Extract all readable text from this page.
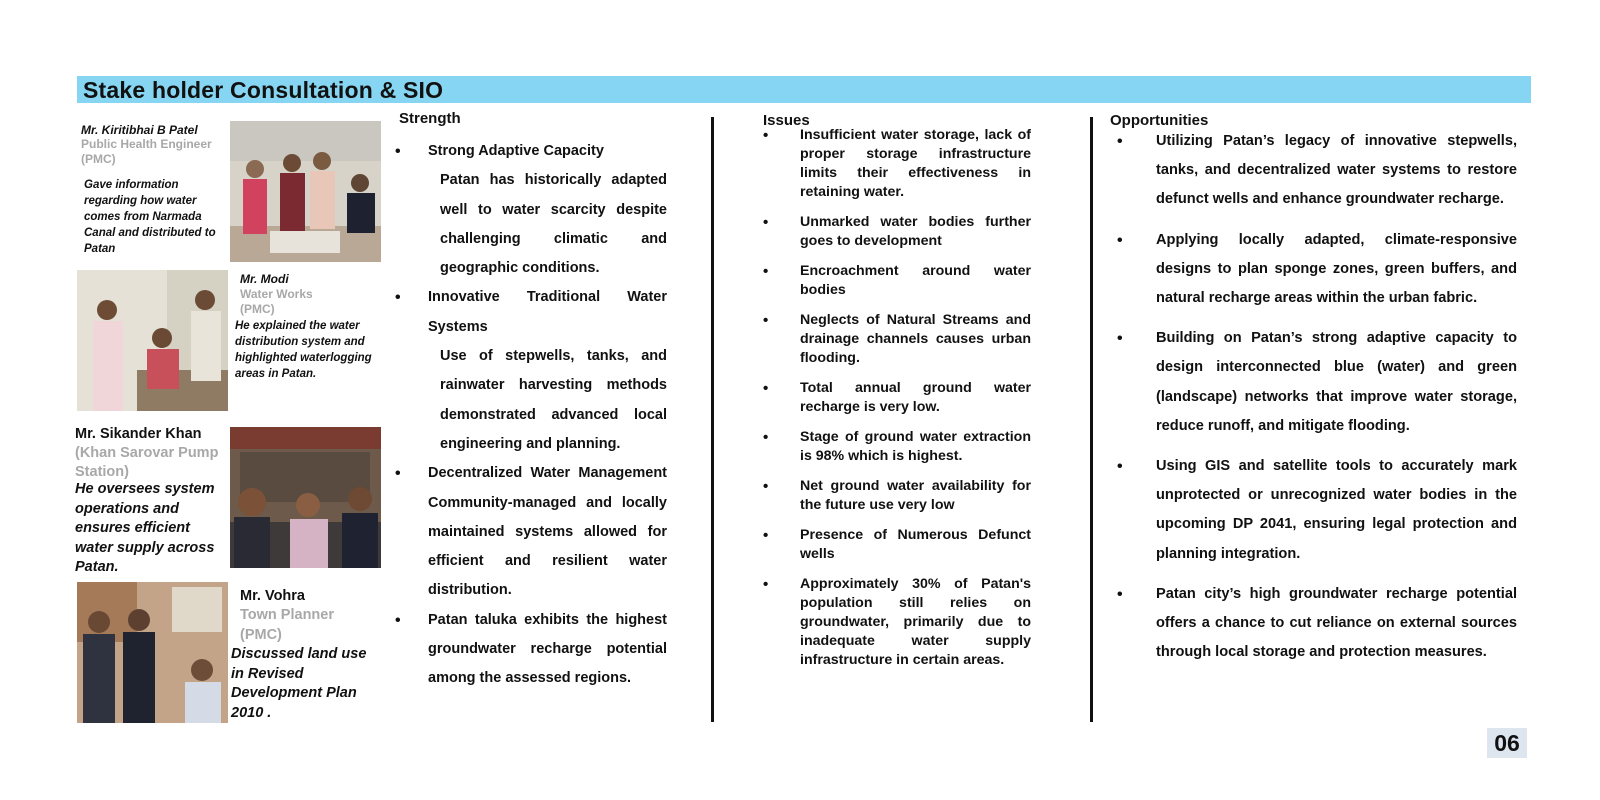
Stake holder Consultation & SIO
Mr. Kiritibhai B Patel
Public Health Engineer
(PMC)
Gave information regarding how water comes from Narmada Canal and distributed to Patan
Mr. Modi
Water Works
(PMC)
He explained the water distribution system and highlighted waterlogging areas in Patan.
Mr. Sikander Khan
(Khan Sarovar Pump
Station)
He oversees system operations and ensures efficient water supply across Patan.
Mr. Vohra
Town Planner
(PMC)
Discussed land use in Revised Development Plan 2010 .
Strength
• Strong Adaptive Capacity
Patan has historically adapted well to water scarcity despite challenging climatic and geographic conditions.
• Innovative Traditional Water Systems
Use of stepwells, tanks, and rainwater harvesting methods demonstrated advanced local engineering and planning.
• Decentralized Water Management Community-managed and locally maintained systems allowed for efficient and resilient water distribution.
• Patan taluka exhibits the highest groundwater recharge potential among the assessed regions.
Issues
• Insufficient water storage, lack of proper storage infrastructure limits their effectiveness in retaining water.
• Unmarked water bodies further goes to development
• Encroachment around water bodies
• Neglects of Natural Streams and drainage channels causes urban flooding.
• Total annual ground water recharge is very low.
• Stage of ground water extraction is 98% which is highest.
• Net ground water availability for the future use very low
• Presence of Numerous Defunct wells
• Approximately 30% of Patan's population still relies on groundwater, primarily due to inadequate water supply infrastructure in certain areas.
Opportunities
• Utilizing Patan’s legacy of innovative stepwells, tanks, and decentralized water systems to restore defunct wells and enhance groundwater recharge.
• Applying locally adapted, climate-responsive designs to plan sponge zones, green buffers, and natural recharge areas within the urban fabric.
• Building on Patan’s strong adaptive capacity to design interconnected blue (water) and green (landscape) networks that improve water storage, reduce runoff, and mitigate flooding.
• Using GIS and satellite tools to accurately mark unprotected or unrecognized water bodies in the upcoming DP 2041, ensuring legal protection and planning integration.
• Patan city’s high groundwater recharge potential offers a chance to cut reliance on external sources through local storage and protection measures.
06
